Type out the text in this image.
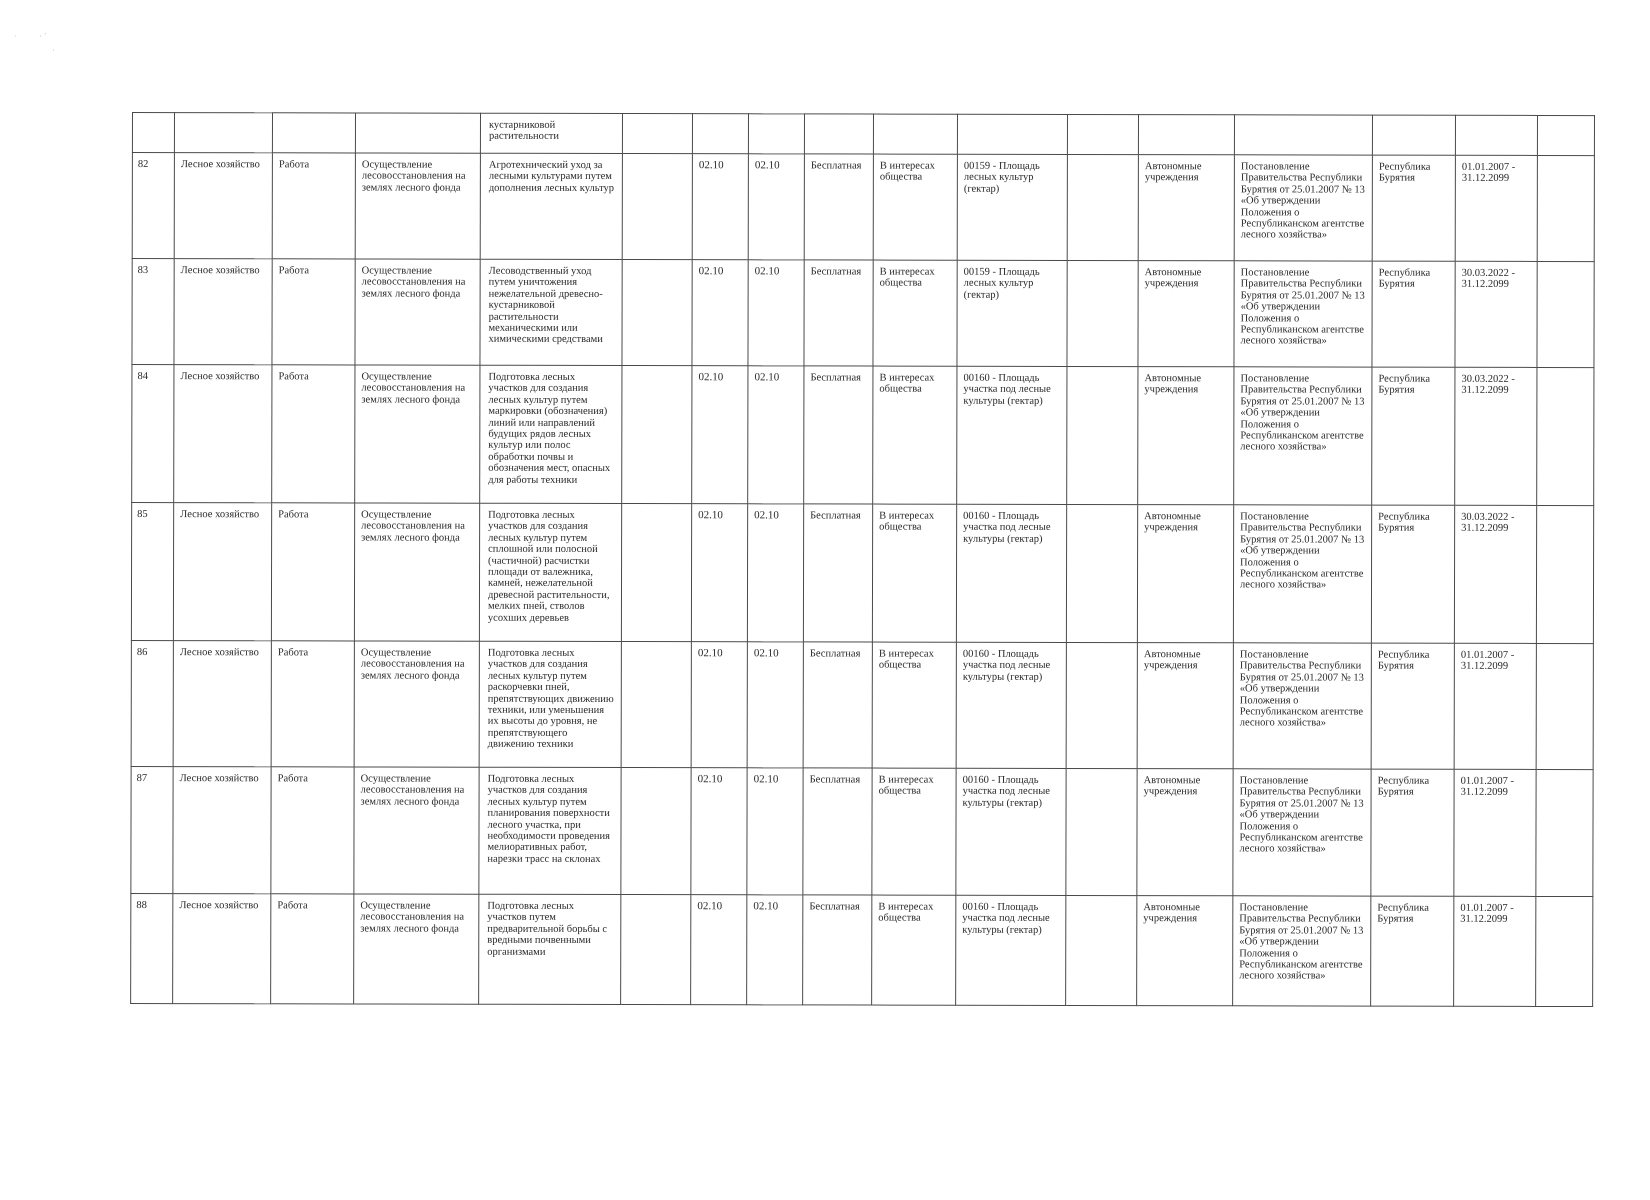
·         · ′
·
				кустарниковой растительности												
82	Лесное хозяйство	Работа	Осуществление лесовосстановления на землях лесного фонда	Агротехнический уход за лесными культурами путем дополнения лесных культур		02.10	02.10	Бесплатная	В интересах общества	00159 - Площадь лесных культур (гектар)		Автономные учреждения	Постановление Правительства Республики Бурятия от 25.01.2007 № 13 «Об утверждении Положения о Республиканском агентстве лесного хозяйства»	Республика Бурятия	01.01.2007 - 31.12.2099	
83	Лесное хозяйство	Работа	Осуществление лесовосстановления на землях лесного фонда	Лесоводственный уход путем уничтожения нежелательной древесно-кустарниковой растительности механическими или химическими средствами		02.10	02.10	Бесплатная	В интересах общества	00159 - Площадь лесных культур (гектар)		Автономные учреждения	Постановление Правительства Республики Бурятия от 25.01.2007 № 13 «Об утверждении Положения о Республиканском агентстве лесного хозяйства»	Республика Бурятия	30.03.2022 - 31.12.2099	
84	Лесное хозяйство	Работа	Осуществление лесовосстановления на землях лесного фонда	Подготовка лесных участков для создания лесных культур путем маркировки (обозначения) линий или направлений будущих рядов лесных культур или полос обработки почвы и обозначения мест, опасных для работы техники		02.10	02.10	Бесплатная	В интересах общества	00160 - Площадь участка под лесные культуры (гектар)		Автономные учреждения	Постановление Правительства Республики Бурятия от 25.01.2007 № 13 «Об утверждении Положения о Республиканском агентстве лесного хозяйства»	Республика Бурятия	30.03.2022 - 31.12.2099	
85	Лесное хозяйство	Работа	Осуществление лесовосстановления на землях лесного фонда	Подготовка лесных участков для создания лесных культур путем сплошной или полосной (частичной) расчистки площади от валежника, камней, нежелательной древесной растительности, мелких пней, стволов усохших деревьев		02.10	02.10	Бесплатная	В интересах общества	00160 - Площадь участка под лесные культуры (гектар)		Автономные учреждения	Постановление Правительства Республики Бурятия от 25.01.2007 № 13 «Об утверждении Положения о Республиканском агентстве лесного хозяйства»	Республика Бурятия	30.03.2022 - 31.12.2099	
86	Лесное хозяйство	Работа	Осуществление лесовосстановления на землях лесного фонда	Подготовка лесных участков для создания лесных культур путем раскорчевки пней, препятствующих движению техники, или уменьшения их высоты до уровня, не препятствующего движению техники		02.10	02.10	Бесплатная	В интересах общества	00160 - Площадь участка под лесные культуры (гектар)		Автономные учреждения	Постановление Правительства Республики Бурятия от 25.01.2007 № 13 «Об утверждении Положения о Республиканском агентстве лесного хозяйства»	Республика Бурятия	01.01.2007 - 31.12.2099	
87	Лесное хозяйство	Работа	Осуществление лесовосстановления на землях лесного фонда	Подготовка лесных участков для создания лесных культур путем планирования поверхности лесного участка, при необходимости проведения мелиоративных работ, нарезки трасс на склонах		02.10	02.10	Бесплатная	В интересах общества	00160 - Площадь участка под лесные культуры (гектар)		Автономные учреждения	Постановление Правительства Республики Бурятия от 25.01.2007 № 13 «Об утверждении Положения о Республиканском агентстве лесного хозяйства»	Республика Бурятия	01.01.2007 - 31.12.2099	
88	Лесное хозяйство	Работа	Осуществление лесовосстановления на землях лесного фонда	Подготовка лесных участков путем предварительной борьбы с вредными почвенными организмами		02.10	02.10	Бесплатная	В интересах общества	00160 - Площадь участка под лесные культуры (гектар)		Автономные учреждения	Постановление Правительства Республики Бурятия от 25.01.2007 № 13 «Об утверждении Положения о Республиканском агентстве лесного хозяйства»	Республика Бурятия	01.01.2007 - 31.12.2099	
